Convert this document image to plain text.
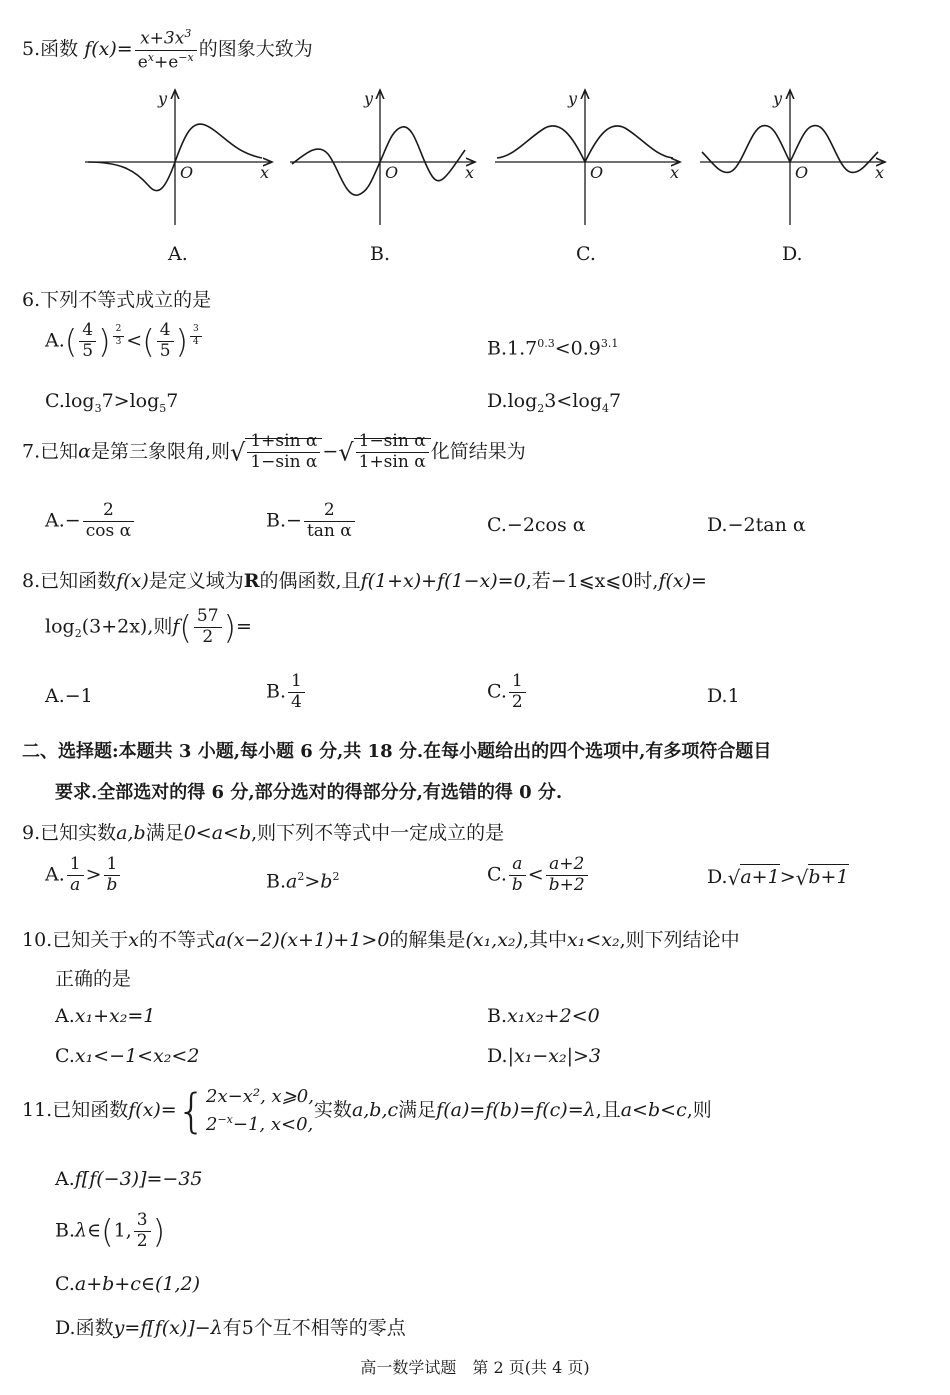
5.函数 $f(x)= \frac{x+3x^3}{e^x+e^{-x}}$ 的图象大致为
y
x
O
y
x
O
y
x
O
y
x
O
A.	B.	C.	D.
6.下列不等式成立的是
$A.( \frac{4}{5}$ ) $^{\frac{2}{3}}$ <( $\frac{4}{5}$ ) $^{\frac{3}{4}}$
$B.1.7^{0.3}<0.9^{3.1}$
$C.\log_37>\log_57$	$D.\log_23<\log_47$
7.已知α是第三象限角,则√ $\frac{\text{1+sin α}}{\text{1−sin α}}$ −√ $\frac{\text{1−sin α}}{\text{1+sin α}}$ 化简结果为
$A.- \frac{2}{\text{cos α}}$	$B.- \frac{2}{\text{tan α}}$	C.−2cos α	D.−2tan α
8.已知函数f(x)是定义域为R的偶函数,且f(1+x)+f(1−x)=0,若−1⩽x⩽0时,f(x)=
$\log_2(3+2x)$,则$f( \frac{57}{2}$ )=
A.−1	B. $\frac{1}{4}$	C. $\frac{1}{2}$	D.1
二、选择题:本题共 3 小题,每小题 6 分,共 18 分.在每小题给出的四个选项中,有多项符合题目
要求.全部选对的得 6 分,部分选对的得部分分,有选错的得 0 分.
9.已知实数a,b满足0<a<b,则下列不等式中一定成立的是
A. $\frac{1}{a} > \frac{1}{b}$	$B.a^2>b^2$	C. $\frac{a}{b} < \frac{a+2}{b+2}$	D.√a+1>√b+1
10.已知关于x的不等式a(x−2)(x+1)+1>0的解集是(x₁,x₂),其中x₁<x₂,则下列结论中
正确的是
A.x₁+x₂=1	B.x₁x₂+2<0
C.x₁<−1<x₂<2	D.|x₁−x₂|>3
11.已知函数f(x)={ 2x−x², x⩾0,
$2^{-x}-1$, x<0,
实数a,b,c满足f(a)=f(b)=f(c)=λ,且a<b<c,则
A.f[f(−3)]=−35
B.λ∈(1, $\frac{3}{2}$ )
C.a+b+c∈(1,2)
D.函数y=f[f(x)]−λ有5个互不相等的零点
高一数学试题　第 2 页(共 4 页)
